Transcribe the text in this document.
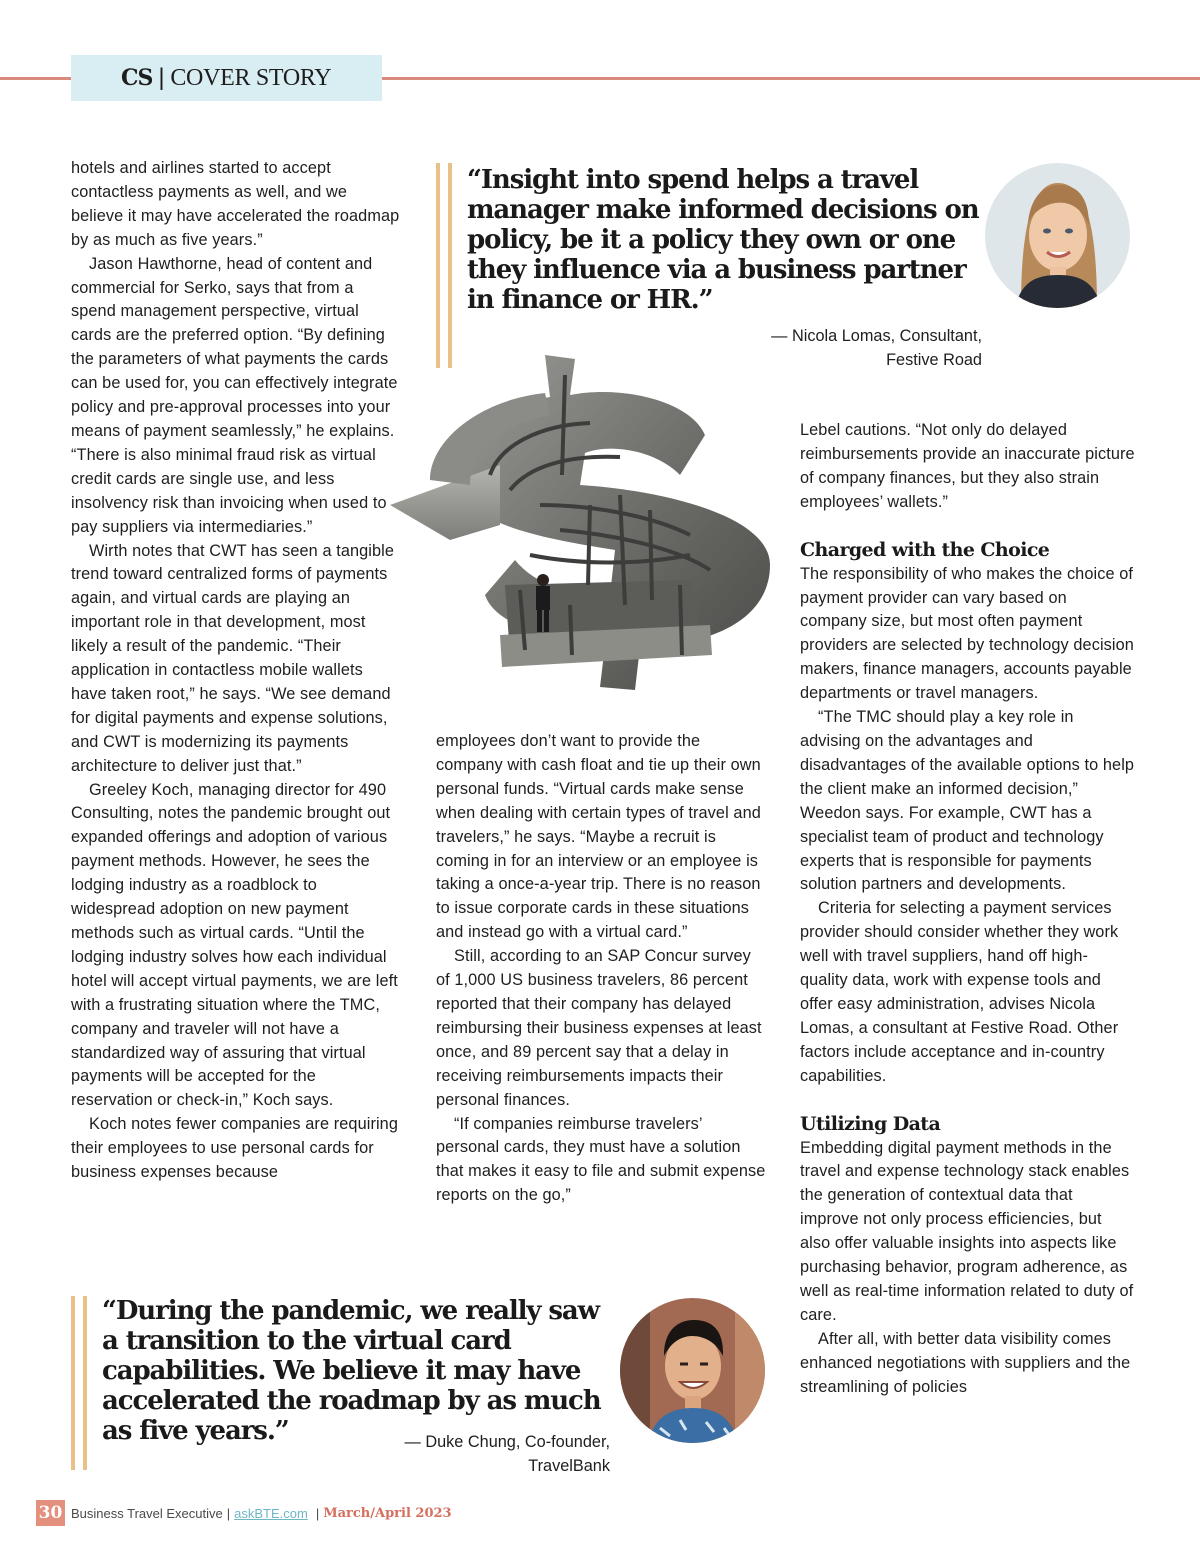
CS | COVER STORY

hotels and airlines started to accept contactless payments as well, and we believe it may have accelerated the roadmap by as much as five years.”

Jason Hawthorne, head of content and commercial for Serko, says that from a spend management perspective, virtual cards are the preferred option. “By defining the parameters of what payments the cards can be used for, you can effectively integrate policy and pre-approval processes into your means of payment seamlessly,” he explains. “There is also minimal fraud risk as virtual credit cards are single use, and less insolvency risk than invoicing when used to pay suppliers via intermediaries.”

Wirth notes that CWT has seen a tangible trend toward centralized forms of payments again, and virtual cards are playing an important role in that development, most likely a result of the pandemic. “Their application in contactless mobile wallets have taken root,” he says. “We see demand for digital payments and expense solutions, and CWT is modernizing its payments architecture to deliver just that.”

Greeley Koch, managing director for 490 Consulting, notes the pandemic brought out expanded offerings and adoption of various payment methods. However, he sees the lodging industry as a roadblock to widespread adoption on new payment methods such as virtual cards. “Until the lodging industry solves how each individual hotel will accept virtual payments, we are left with a frustrating situation where the TMC, company and traveler will not have a standardized way of assuring that virtual payments will be accepted for the reservation or check-in,” Koch says.

Koch notes fewer companies are requiring their employees to use personal cards for business expenses because

“Insight into spend helps a travel manager make informed decisions on policy, be it a policy they own or one they influence via a business partner in finance or HR.”

— Nicola Lomas, Consultant,
Festive Road

employees don’t want to provide the company with cash float and tie up their own personal funds. “Virtual cards make sense when dealing with certain types of travel and travelers,” he says. “Maybe a recruit is coming in for an interview or an employee is taking a once-a-year trip. There is no reason to issue corporate cards in these situations and instead go with a virtual card.”

Still, according to an SAP Concur survey of 1,000 US business travelers, 86 percent reported that their company has delayed reimbursing their business expenses at least once, and 89 percent say that a delay in receiving reimbursements impacts their personal finances.

“If companies reimburse travelers’ personal cards, they must have a solution that makes it easy to file and submit expense reports on the go,”

Lebel cautions. “Not only do delayed reimbursements provide an inaccurate picture of company finances, but they also strain employees’ wallets.”

Charged with the Choice

The responsibility of who makes the choice of payment provider can vary based on company size, but most often payment providers are selected by technology decision makers, finance managers, accounts payable departments or travel managers.

“The TMC should play a key role in advising on the advantages and disadvantages of the available options to help the client make an informed decision,” Weedon says. For example, CWT has a specialist team of product and technology experts that is responsible for payments solution partners and developments.

Criteria for selecting a payment services provider should consider whether they work well with travel suppliers, hand off high-quality data, work with expense tools and offer easy administration, advises Nicola Lomas, a consultant at Festive Road. Other factors include acceptance and in-country capabilities.

Utilizing Data

Embedding digital payment methods in the travel and expense technology stack enables the generation of contextual data that improve not only process efficiencies, but also offer valuable insights into aspects like purchasing behavior, program adherence, as well as real-time information related to duty of care.

After all, with better data visibility comes enhanced negotiations with suppliers and the streamlining of policies

“During the pandemic, we really saw a transition to the virtual card capabilities. We believe it may have accelerated the roadmap by as much as five years.”	— Duke Chung, Co-founder,
TravelBank
30 Business Travel Executive | askBTE.com | March/April 2023
